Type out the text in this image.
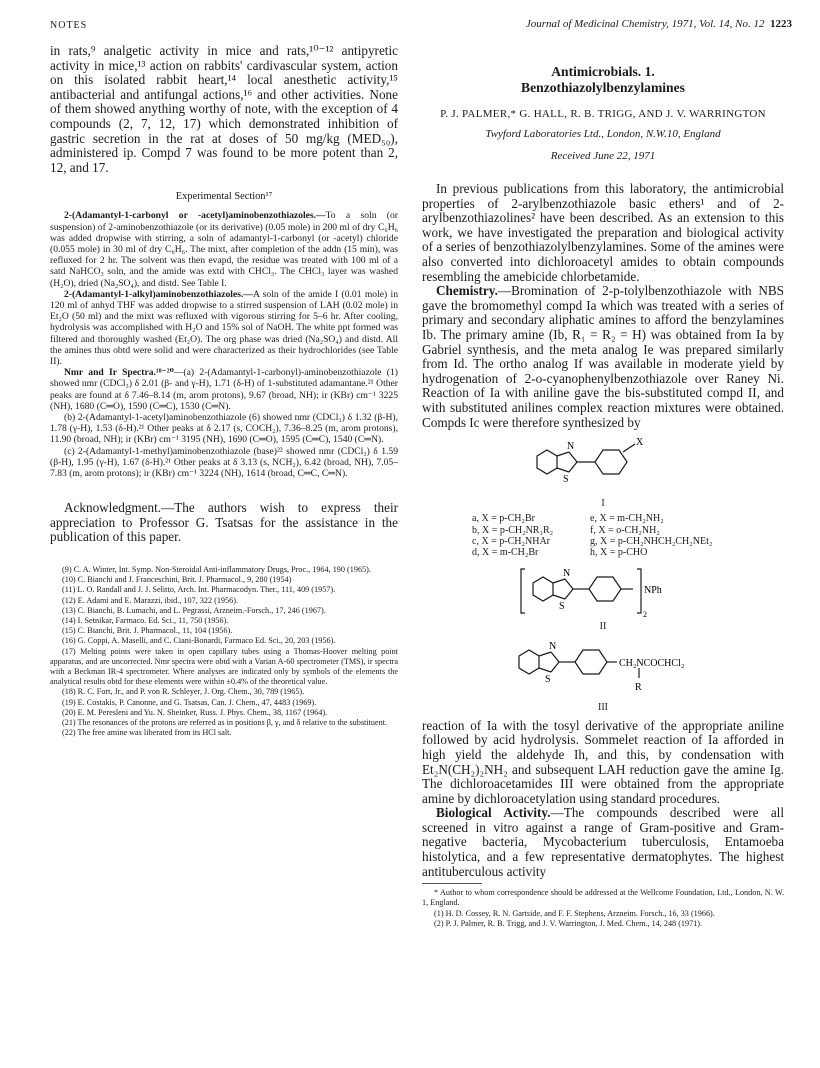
NOTES	Journal of Medicinal Chemistry, 1971, Vol. 14, No. 12 1223

in rats,⁹ analgetic activity in mice and rats,¹⁰⁻¹² antipyretic activity in mice,¹³ action on rabbits' cardivascular system, action on this isolated rabbit heart,¹⁴ local anesthetic activity,¹⁵ antibacterial and antifungal actions,¹⁶ and other activities. None of them showed anything worthy of note, with the exception of 4 compounds (2, 7, 12, 17) which demonstrated inhibition of gastric secretion in the rat at doses of 50 mg/kg (MED₅₀), administered ip. Compd 7 was found to be more potent than 2, 12, and 17.

Experimental Section¹⁷

2-(Adamantyl-1-carbonyl or -acetyl)aminobenzothiazoles.—To a soln (or suspension) of 2-aminobenzothiazole (or its derivative) (0.05 mole) in 200 ml of dry C₆H₆ was added dropwise with stirring, a soln of adamantyl-1-carbonyl (or -acetyl) chloride (0.055 mole) in 30 ml of dry C₆H₆. The mixt, after completion of the addn (15 min), was refluxed for 2 hr. The solvent was then evapd, the residue was treated with 100 ml of a satd NaHCO₃ soln, and the amide was extd with CHCl₃. The CHCl₃ layer was washed (H₂O), dried (Na₂SO₄), and distd. See Table I.

2-(Adamantyl-1-alkyl)aminobenzothiazoles.—A soln of the amide I (0.01 mole) in 120 ml of anhyd THF was added dropwise to a stirred suspension of LAH (0.02 mole) in Et₂O (50 ml) and the mixt was refluxed with vigorous stirring for 5–6 hr. After cooling, hydrolysis was accomplished with H₂O and 15% sol of NaOH. The white ppt formed was filtered and thoroughly washed (Et₂O). The org phase was dried (Na₂SO₄) and distd. All the amines thus obtd were solid and were characterized as their hydrochlorides (see Table II).

Nmr and Ir Spectra.¹⁸⁻²⁰—(a) 2-(Adamantyl-1-carbonyl)-aminobenzothiazole (1) showed nmr (CDCl₃) δ 2.01 (β- and γ-H), 1.71 (δ-H) of 1-substituted adamantane.²¹ Other peaks are found at δ 7.46–8.14 (m, arom protons), 9.67 (broad, NH); ir (KBr) cm⁻¹ 3225 (NH), 1680 (C═O), 1590 (C═C), 1530 (C═N).

(b) 2-(Adamantyl-1-acetyl)aminobenzothiazole (6) showed nmr (CDCl₃) δ 1.32 (β-H), 1.78 (γ-H), 1.53 (δ-H).²¹ Other peaks at δ 2.17 (s, COCH₂), 7.36–8.25 (m, arom protons), 11.90 (broad, NH); ir (KBr) cm⁻¹ 3195 (NH), 1690 (C═O), 1595 (C═C), 1540 (C═N).

(c) 2-(Adamantyl-1-methyl)aminobenzothiazole (base)²² showed nmr (CDCl₃) δ 1.59 (β-H), 1.95 (γ-H), 1.67 (δ-H).²¹ Other peaks at δ 3.13 (s, NCH₂), 6.42 (broad, NH), 7.05–7.83 (m, arom protons); ir (KBr) cm⁻¹ 3224 (NH), 1614 (broad, C═C, C═N).

Acknowledgment.—The authors wish to express their appreciation to Professor G. Tsatsas for the assistance in the publication of this paper.

(9) C. A. Winter, Int. Symp. Non-Steroidal Anti-inflammatory Drugs, Proc., 1964, 190 (1965).

(10) C. Bianchi and J. Franceschini, Brit. J. Pharmacol., 9, 280 (1954)

(11) L. O. Randall and J. J. Selitto, Arch. Int. Pharmacodyn. Ther., 111, 409 (1957).

(12) E. Adami and E. Marazzi, ibid., 107, 322 (1956).

(13) C. Bianchi, B. Lumachi, and L. Pegrassi, Arzneim.-Forsch., 17, 246 (1967).

(14) I. Setnikar, Farmaco. Ed. Sci., 11, 750 (1956).

(15) C. Bianchi, Brit. J. Pharmacol., 11, 104 (1956).

(16) G. Coppi, A. Maselli, and C. Ciani-Bonardi, Farmaco Ed. Sci., 20, 203 (1956).

(17) Melting points were taken in open capillary tubes using a Thomas-Hoover melting point apparatus, and are uncorrected. Nmr spectra were obtd with a Varian A-60 spectrometer (TMS), ir spectra with a Beckman IR-4 spectrometer. Where analyses are indicated only by symbols of the elements the analytical results obtd for these elements were within ±0.4% of the theoretical value.

(18) R. C. Fort, Jr., and P. von R. Schleyer, J. Org. Chem., 30, 789 (1965).

(19) E. Costakis, P. Canonne, and G. Tsatsas, Can. J. Chem., 47, 4483 (1969).

(20) E. M. Peresleni and Yu. N. Sheinker, Russ. J. Phys. Chem., 38, 1167 (1964).

(21) The resonances of the protons are referred as in positions β, γ, and δ relative to the substituent.

(22) The free amine was liberated from its HCl salt.

Antimicrobials. 1.
Benzothiazolylbenzylamines
P. J. PALMER,* G. HALL, R. B. TRIGG, AND J. V. WARRINGTON
Twyford Laboratories Ltd., London, N.W.10, England
Received June 22, 1971

In previous publications from this laboratory, the antimicrobial properties of 2-arylbenzothiazole basic ethers¹ and of 2-arylbenzothiazolines² have been described. As an extension to this work, we have investigated the preparation and biological activity of a series of benzothiazolylbenzylamines. Some of the amines were also converted into dichloroacetyl amides to obtain compounds resembling the amebicide chlorbetamide.

Chemistry.—Bromination of 2-p-tolylbenzothiazole with NBS gave the bromomethyl compd Ia which was treated with a series of primary and secondary aliphatic amines to afford the benzylamines Ib. The primary amine (Ib, R₁ = R₂ = H) was obtained from Ia by Gabriel synthesis, and the meta analog Ie was prepared similarly from Id. The ortho analog If was available in moderate yield by hydrogenation of 2-o-cyanophenylbenzothiazole over Raney Ni. Reaction of Ia with aniline gave the bis-substituted compd II, and with substituted anilines complex reaction mixtures were obtained. Compds Ic were therefore synthesized by

N
S
X
I
a, X = p-CH₂Br	e, X = m-CH₂NH₂
b, X = p-CH₂NR₁R₂	f, X = o-CH₂NH₂
c, X = p-CH₂NHAr	g, X = p-CH₂NHCH₂CH₂NEt₂
d, X = m-CH₂Br	h, X = p-CHO
N
S
NPh
2
II
N
S
CH₂NCOCHCl₂
R
III

reaction of Ia with the tosyl derivative of the appropriate aniline followed by acid hydrolysis. Sommelet reaction of Ia afforded in high yield the aldehyde Ih, and this, by condensation with Et₂N(CH₂)₂NH₂ and subsequent LAH reduction gave the amine Ig. The dichloroacetamides III were obtained from the appropriate amine by dichloroacetylation using standard procedures.

Biological Activity.—The compounds described were all screened in vitro against a range of Gram-positive and Gram-negative bacteria, Mycobacterium tuberculosis, Entamoeba histolytica, and a few representative dermatophytes. The highest antituberculous activity

* Author to whom correspondence should be addressed at the Wellcome Foundation, Ltd., London, N. W. 1, England.

(1) H. D. Cossey, R. N. Gartside, and F. F. Stephens, Arzneim. Forsch., 16, 33 (1966).

(2) P. J. Palmer, R. B. Trigg, and J. V. Warrington, J. Med. Chem., 14, 248 (1971).
